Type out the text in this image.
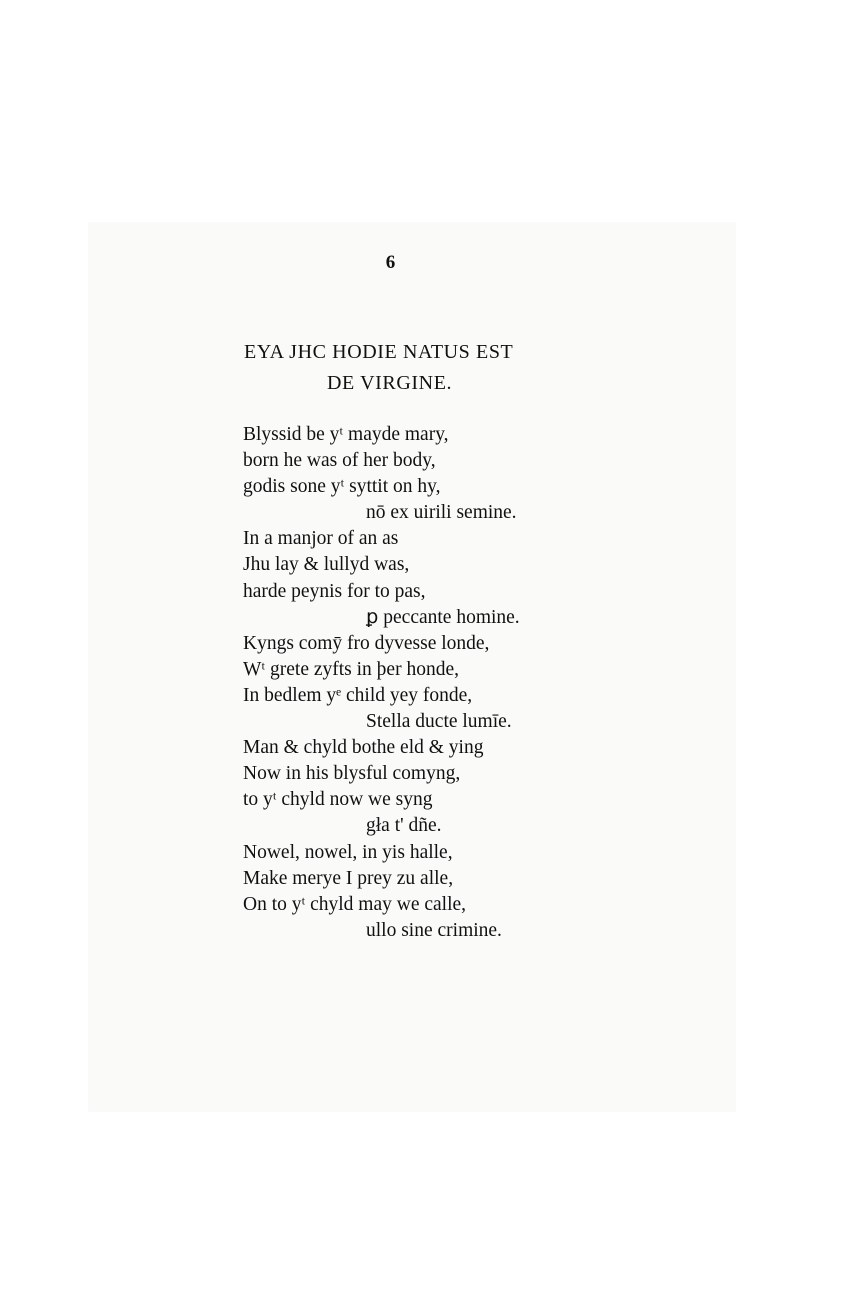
6
EYA JHC HODIE NATUS EST
DE VIRGINE.
Blyssid be yᵗ mayde mary,
born he was of her body,
godis sone yᵗ syttit on hy,
nō ex uirili semine.
In a manjor of an as
Jhu lay & lullyd was,
harde peynis for to pas,
ꝑ peccante homine.
Kyngs comȳ fro dyvesse londe,
Wᵗ grete zyfts in þer honde,
In bedlem yᵉ child yey fonde,
Stella ducte lumīe.
Man & chyld bothe eld & ying
Now in his blysful comyng,
to yᵗ chyld now we syng
gła t' dñe.
Nowel, nowel, in yis halle,
Make merye I prey zu alle,
On to yᵗ chyld may we calle,
ullo sine crimine.
